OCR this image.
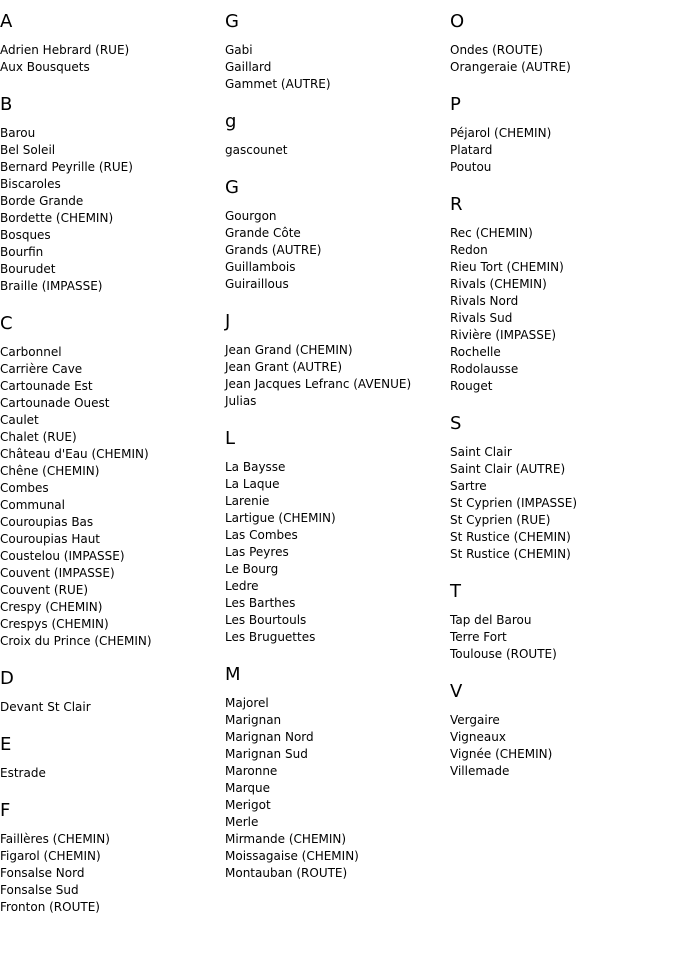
A
Adrien Hebrard (RUE)
Aux Bousquets
B
Barou
Bel Soleil
Bernard Peyrille (RUE)
Biscaroles
Borde Grande
Bordette (CHEMIN)
Bosques
Bourfin
Bourudet
Braille (IMPASSE)
C
Carbonnel
Carrière Cave
Cartounade Est
Cartounade Ouest
Caulet
Chalet (RUE)
Château d'Eau (CHEMIN)
Chêne (CHEMIN)
Combes
Communal
Couroupias Bas
Couroupias Haut
Coustelou (IMPASSE)
Couvent (IMPASSE)
Couvent (RUE)
Crespy (CHEMIN)
Crespys (CHEMIN)
Croix du Prince (CHEMIN)
D
Devant St Clair
E
Estrade
F
Faillères (CHEMIN)
Figarol (CHEMIN)
Fonsalse Nord
Fonsalse Sud
Fronton (ROUTE)
G
Gabi
Gaillard
Gammet (AUTRE)
g
gascounet
G
Gourgon
Grande Côte
Grands (AUTRE)
Guillambois
Guiraillous
J
Jean Grand (CHEMIN)
Jean Grant (AUTRE)
Jean Jacques Lefranc (AVENUE)
Julias
L
La Baysse
La Laque
Larenie
Lartigue (CHEMIN)
Las Combes
Las Peyres
Le Bourg
Ledre
Les Barthes
Les Bourtouls
Les Bruguettes
M
Majorel
Marignan
Marignan Nord
Marignan Sud
Maronne
Marque
Merigot
Merle
Mirmande (CHEMIN)
Moissagaise (CHEMIN)
Montauban (ROUTE)
O
Ondes (ROUTE)
Orangeraie (AUTRE)
P
Péjarol (CHEMIN)
Platard
Poutou
R
Rec (CHEMIN)
Redon
Rieu Tort (CHEMIN)
Rivals (CHEMIN)
Rivals Nord
Rivals Sud
Rivière (IMPASSE)
Rochelle
Rodolausse
Rouget
S
Saint Clair
Saint Clair (AUTRE)
Sartre
St Cyprien (IMPASSE)
St Cyprien (RUE)
St Rustice (CHEMIN)
St Rustice (CHEMIN)
T
Tap del Barou
Terre Fort
Toulouse (ROUTE)
V
Vergaire
Vigneaux
Vignée (CHEMIN)
Villemade
